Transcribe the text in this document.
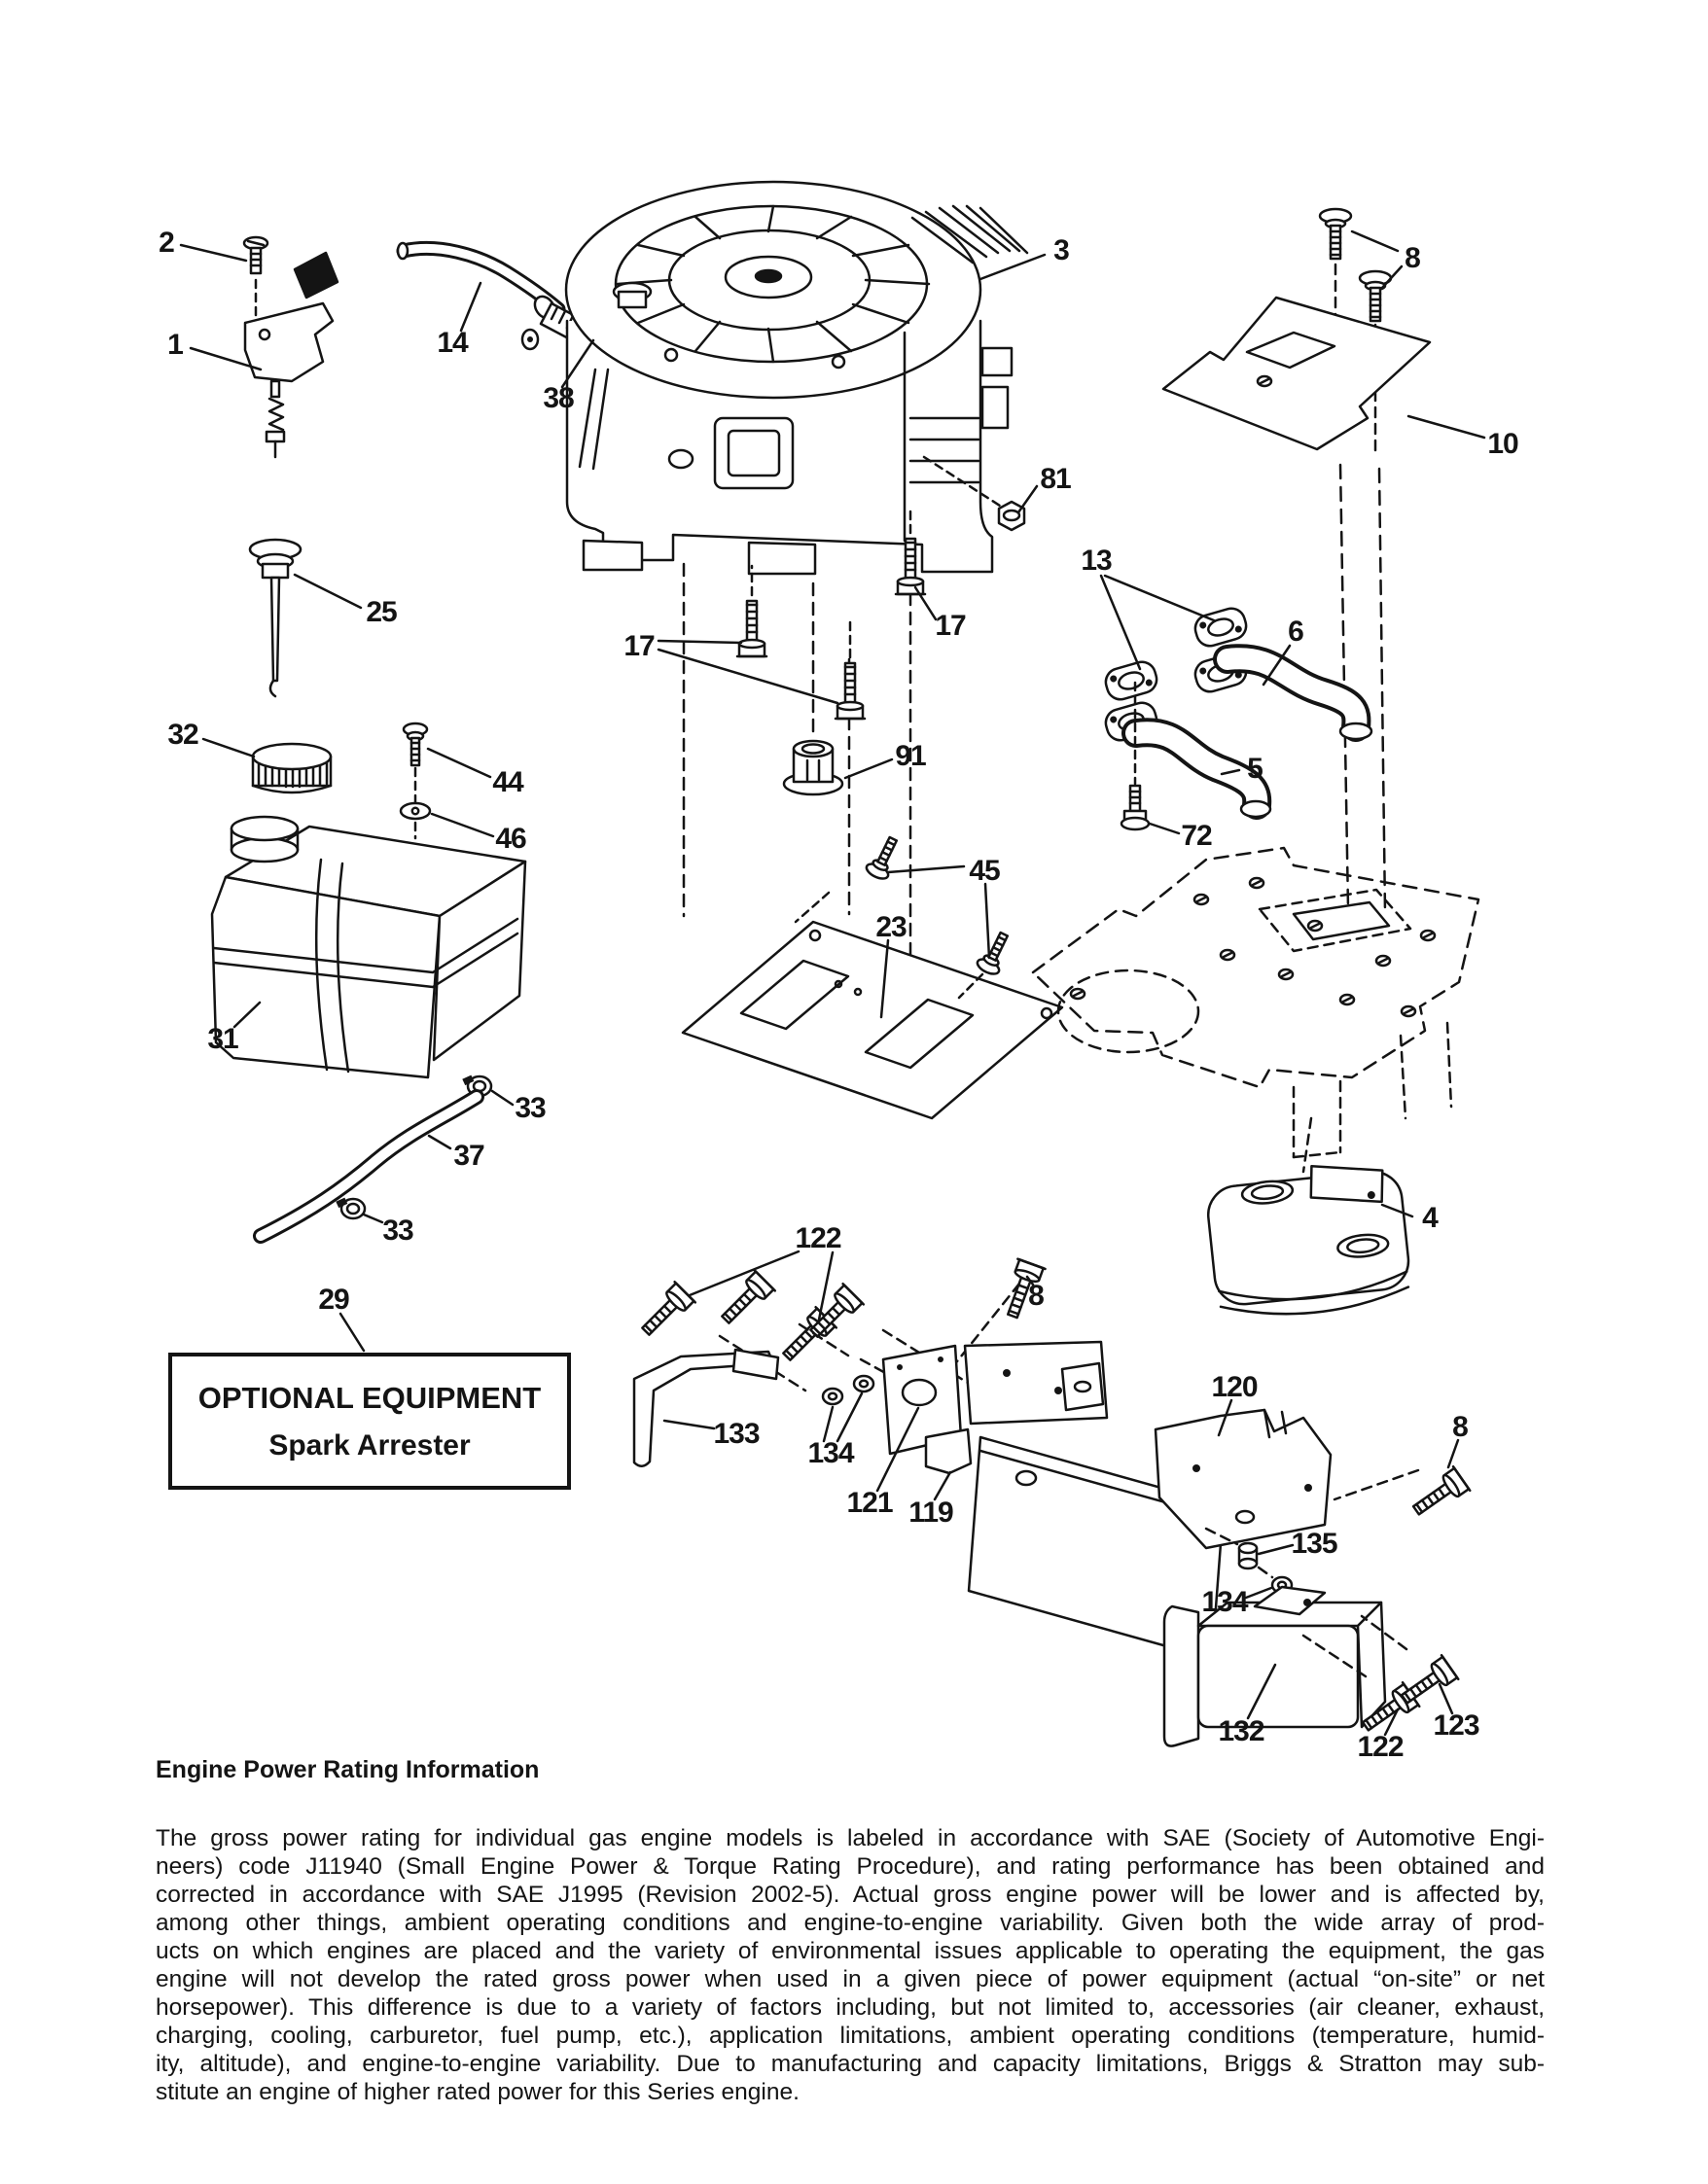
2
1	14
38
3	8
10
81
13
6
5
72
25
17
17
32
44
46
91
45
23
31
33
37
33
29
4
122
8
133
134
121 119
120
8
135
134
132	122
123
OPTIONAL EQUIPMENT
Spark Arrester
Engine Power Rating Information
The gross power rating for individual gas engine models is labeled in accordance with SAE (Society of Automotive Engi-
neers) code J11940 (Small Engine Power & Torque Rating Procedure), and rating performance has been obtained and
corrected in accordance with SAE J1995 (Revision 2002-5). Actual gross engine power will be lower and is affected by,
among other things, ambient operating conditions and engine-to-engine variability. Given both the wide array of prod-
ucts on which engines are placed and the variety of environmental issues applicable to operating the equipment, the gas
engine will not develop the rated gross power when used in a given piece of power equipment (actual “on-site” or net
horsepower). This difference is due to a variety of factors including, but not limited to, accessories (air cleaner, exhaust,
charging, cooling, carburetor, fuel pump, etc.), application limitations, ambient operating conditions (temperature, humid-
ity, altitude), and engine-to-engine variability. Due to manufacturing and capacity limitations, Briggs & Stratton may sub-
stitute an engine of higher rated power for this Series engine.
